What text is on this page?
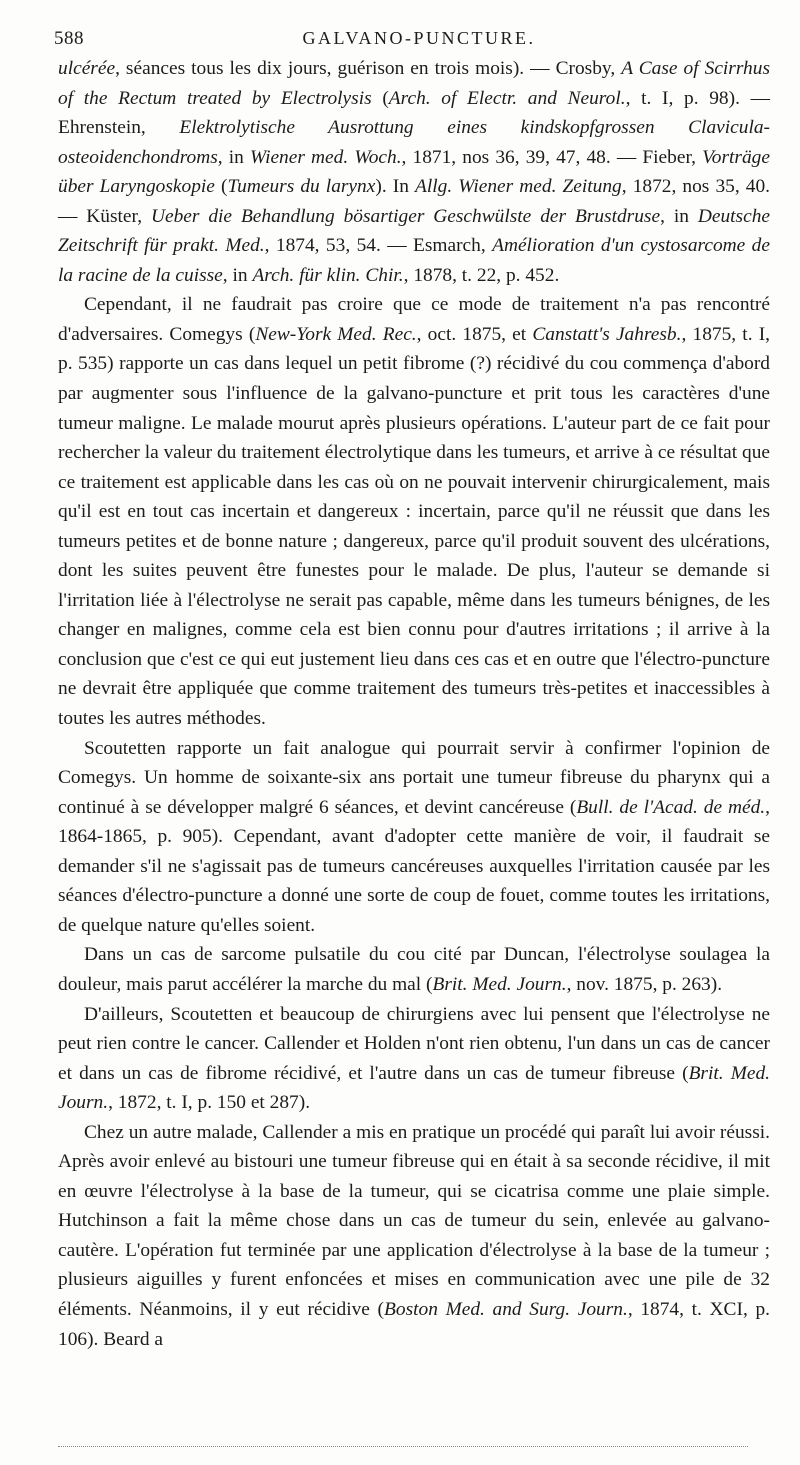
588	GALVANO-PUNCTURE.

ulcérée, séances tous les dix jours, guérison en trois mois). — Crosby, A Case of Scirrhus of the Rectum treated by Electrolysis (Arch. of Electr. and Neurol., t. I, p. 98). — Ehrenstein, Elektrolytische Ausrottung eines kindskopfgrossen Clavicula-osteoidenchondroms, in Wiener med. Woch., 1871, nos 36, 39, 47, 48. — Fieber, Vorträge über Laryngoskopie (Tumeurs du larynx). In Allg. Wiener med. Zeitung, 1872, nos 35, 40. — Küster, Ueber die Behandlung bösartiger Geschwülste der Brustdruse, in Deutsche Zeitschrift für prakt. Med., 1874, 53, 54. — Esmarch, Amélioration d'un cystosarcome de la racine de la cuisse, in Arch. für klin. Chir., 1878, t. 22, p. 452.

Cependant, il ne faudrait pas croire que ce mode de traitement n'a pas rencontré d'adversaires. Comegys (New-York Med. Rec., oct. 1875, et Canstatt's Jahresb., 1875, t. I, p. 535) rapporte un cas dans lequel un petit fibrome (?) récidivé du cou commença d'abord par augmenter sous l'influence de la galvano-puncture et prit tous les caractères d'une tumeur maligne. Le malade mourut après plusieurs opérations. L'auteur part de ce fait pour rechercher la valeur du traitement électrolytique dans les tumeurs, et arrive à ce résultat que ce traitement est applicable dans les cas où on ne pouvait intervenir chirurgicalement, mais qu'il est en tout cas incertain et dangereux : incertain, parce qu'il ne réussit que dans les tumeurs petites et de bonne nature ; dangereux, parce qu'il produit souvent des ulcérations, dont les suites peuvent être funestes pour le malade. De plus, l'auteur se demande si l'irritation liée à l'électrolyse ne serait pas capable, même dans les tumeurs bénignes, de les changer en malignes, comme cela est bien connu pour d'autres irritations ; il arrive à la conclusion que c'est ce qui eut justement lieu dans ces cas et en outre que l'électro-puncture ne devrait être appliquée que comme traitement des tumeurs très-petites et inaccessibles à toutes les autres méthodes.

Scoutetten rapporte un fait analogue qui pourrait servir à confirmer l'opinion de Comegys. Un homme de soixante-six ans portait une tumeur fibreuse du pharynx qui a continué à se développer malgré 6 séances, et devint cancéreuse (Bull. de l'Acad. de méd., 1864-1865, p. 905). Cependant, avant d'adopter cette manière de voir, il faudrait se demander s'il ne s'agissait pas de tumeurs cancéreuses auxquelles l'irritation causée par les séances d'électro-puncture a donné une sorte de coup de fouet, comme toutes les irritations, de quelque nature qu'elles soient.

Dans un cas de sarcome pulsatile du cou cité par Duncan, l'électrolyse soulagea la douleur, mais parut accélérer la marche du mal (Brit. Med. Journ., nov. 1875, p. 263).

D'ailleurs, Scoutetten et beaucoup de chirurgiens avec lui pensent que l'électrolyse ne peut rien contre le cancer. Callender et Holden n'ont rien obtenu, l'un dans un cas de cancer et dans un cas de fibrome récidivé, et l'autre dans un cas de tumeur fibreuse (Brit. Med. Journ., 1872, t. I, p. 150 et 287).

Chez un autre malade, Callender a mis en pratique un procédé qui paraît lui avoir réussi. Après avoir enlevé au bistouri une tumeur fibreuse qui en était à sa seconde récidive, il mit en œuvre l'électrolyse à la base de la tumeur, qui se cicatrisa comme une plaie simple. Hutchinson a fait la même chose dans un cas de tumeur du sein, enlevée au galvano-cautère. L'opération fut terminée par une application d'électrolyse à la base de la tumeur ; plusieurs aiguilles y furent enfoncées et mises en communication avec une pile de 32 éléments. Néanmoins, il y eut récidive (Boston Med. and Surg. Journ., 1874, t. XCI, p. 106). Beard a
